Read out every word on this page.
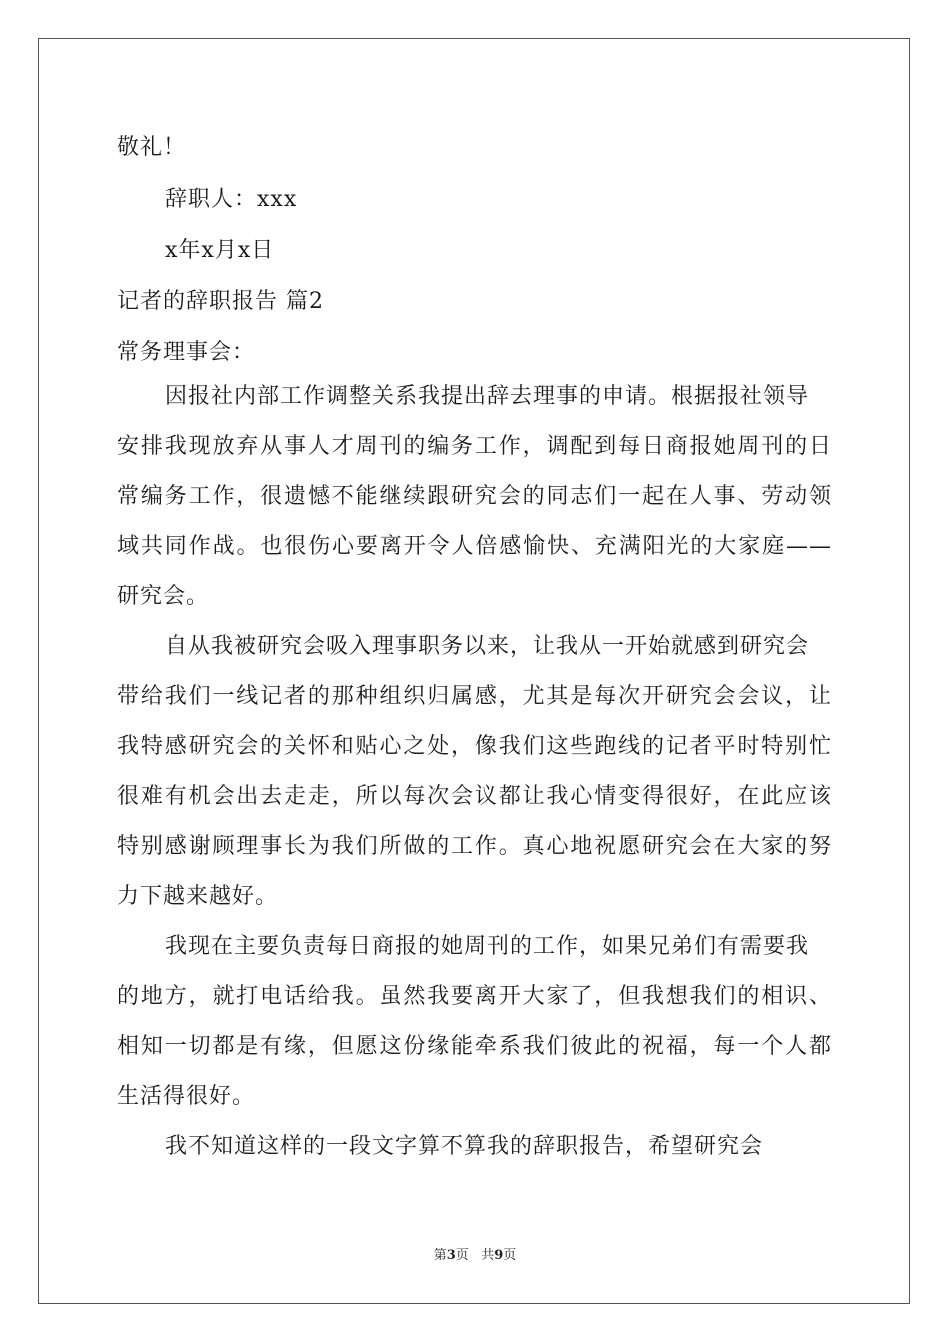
敬礼！
辞职人：xxx
x年x月x日
记者的辞职报告 篇2
常务理事会：
因报社内部工作调整关系我提出辞去理事的申请。根据报社领导
安排我现放弃从事人才周刊的编务工作，调配到每日商报她周刊的日
常编务工作，很遗憾不能继续跟研究会的同志们一起在人事、劳动领
域共同作战。也很伤心要离开令人倍感愉快、充满阳光的大家庭——
研究会。
自从我被研究会吸入理事职务以来，让我从一开始就感到研究会
带给我们一线记者的那种组织归属感，尤其是每次开研究会会议，让
我特感研究会的关怀和贴心之处，像我们这些跑线的记者平时特别忙
很难有机会出去走走，所以每次会议都让我心情变得很好，在此应该
特别感谢顾理事长为我们所做的工作。真心地祝愿研究会在大家的努
力下越来越好。
我现在主要负责每日商报的她周刊的工作，如果兄弟们有需要我
的地方，就打电话给我。虽然我要离开大家了，但我想我们的相识、
相知一切都是有缘，但愿这份缘能牵系我们彼此的祝福，每一个人都
生活得很好。
我不知道这样的一段文字算不算我的辞职报告，希望研究会
第3页 共9页
